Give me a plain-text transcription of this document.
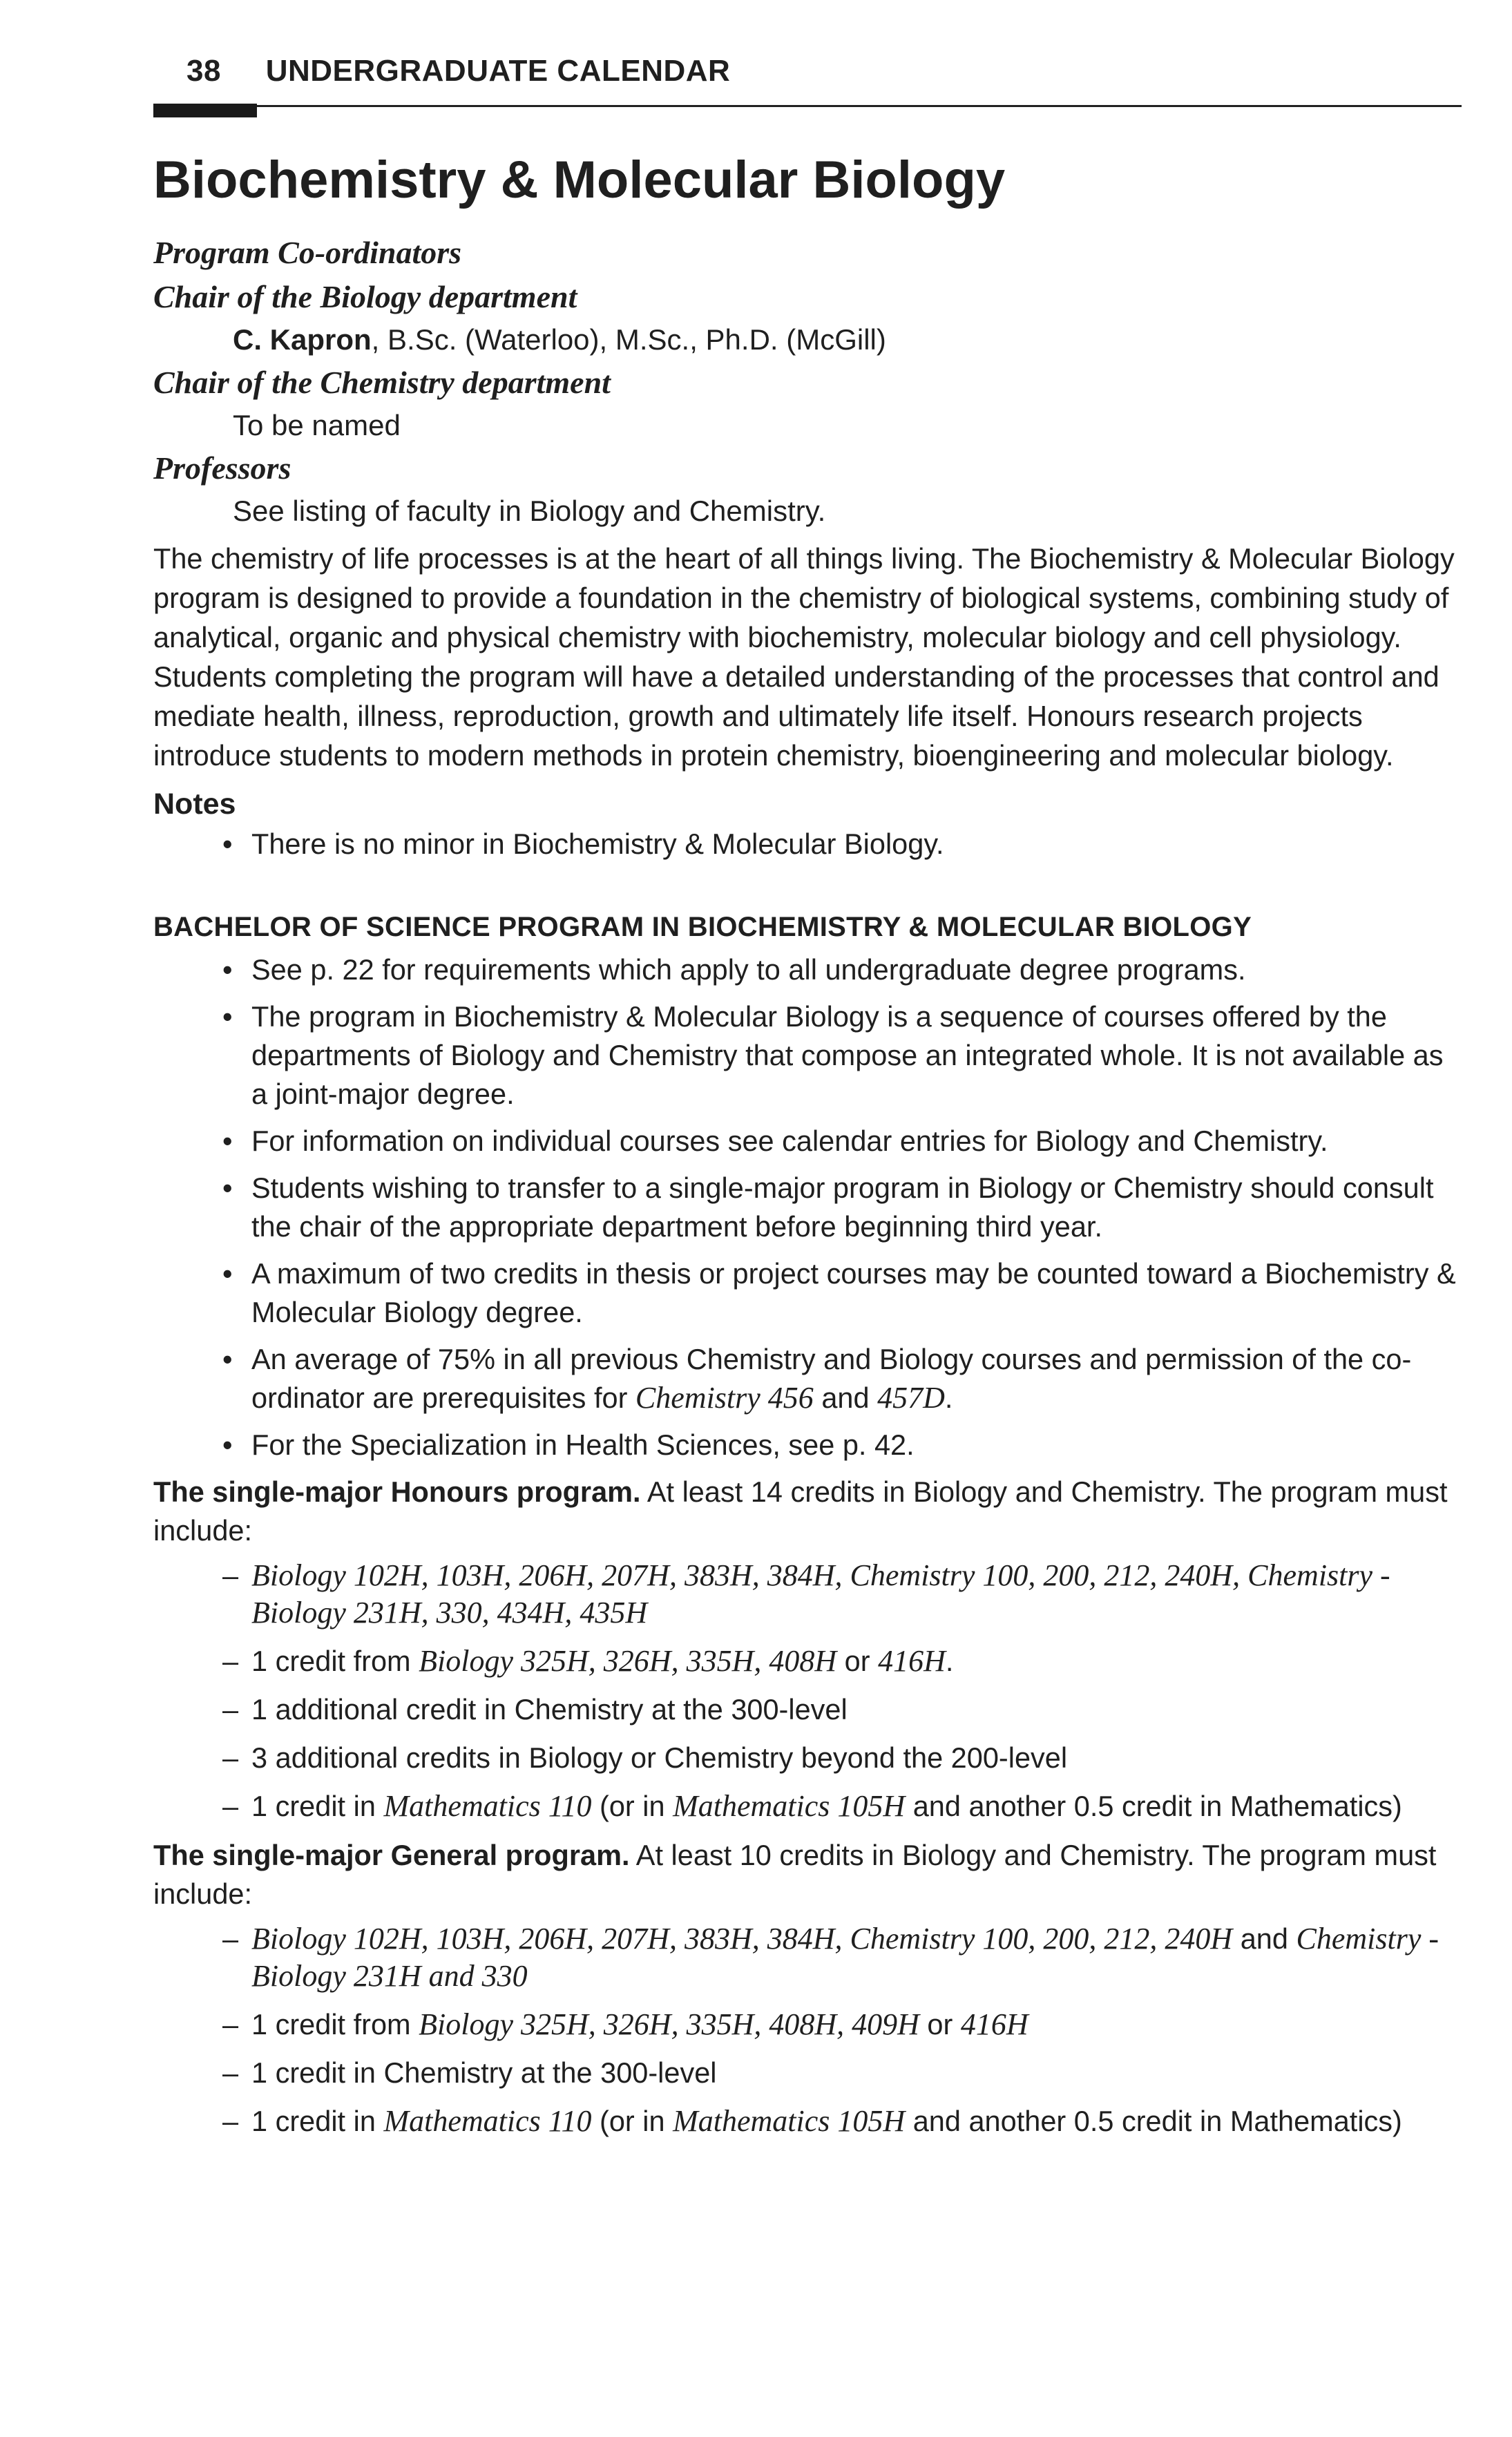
38 UNDERGRADUATE CALENDAR
Biochemistry & Molecular Biology

Program Co-ordinators

Chair of the Biology department

C. Kapron, B.Sc. (Waterloo), M.Sc., Ph.D. (McGill)

Chair of the Chemistry department

To be named

Professors

See listing of faculty in Biology and Chemistry.

The chemistry of life processes is at the heart of all things living. The Biochemistry & Molecular Biology program is designed to provide a foundation in the chemistry of biological systems, combining study of analytical, organic and physical chemistry with biochemistry, molecular biology and cell physiology. Students completing the program will have a detailed understanding of the processes that control and mediate health, illness, reproduction, growth and ultimately life itself. Honours research projects introduce students to modern methods in protein chemistry, bioengineering and molecular biology.

Notes

• There is no minor in Biochemistry & Molecular Biology.

BACHELOR OF SCIENCE PROGRAM IN BIOCHEMISTRY & MOLECULAR BIOLOGY

• See p. 22 for requirements which apply to all undergraduate degree programs.
• The program in Biochemistry & Molecular Biology is a sequence of courses offered by the departments of Biology and Chemistry that compose an integrated whole. It is not available as a joint-major degree.
• For information on individual courses see calendar entries for Biology and Chemistry.
• Students wishing to transfer to a single-major program in Biology or Chemistry should consult the chair of the appropriate department before beginning third year.
• A maximum of two credits in thesis or project courses may be counted toward a Biochemistry & Molecular Biology degree.
• An average of 75% in all previous Chemistry and Biology courses and permission of the co-ordinator are prerequisites for Chemistry 456 and 457D.
• For the Specialization in Health Sciences, see p. 42.

The single-major Honours program. At least 14 credits in Biology and Chemistry. The program must include:

– Biology 102H, 103H, 206H, 207H, 383H, 384H, Chemistry 100, 200, 212, 240H, Chemistry - Biology 231H, 330, 434H, 435H
– 1 credit from Biology 325H, 326H, 335H, 408H or 416H.
– 1 additional credit in Chemistry at the 300-level
– 3 additional credits in Biology or Chemistry beyond the 200-level
– 1 credit in Mathematics 110 (or in Mathematics 105H and another 0.5 credit in Mathematics)

The single-major General program. At least 10 credits in Biology and Chemistry. The program must include:

– Biology 102H, 103H, 206H, 207H, 383H, 384H, Chemistry 100, 200, 212, 240H and Chemistry - Biology 231H and 330
– 1 credit from Biology 325H, 326H, 335H, 408H, 409H or 416H
– 1 credit in Chemistry at the 300-level
– 1 credit in Mathematics 110 (or in Mathematics 105H and another 0.5 credit in Mathematics)
